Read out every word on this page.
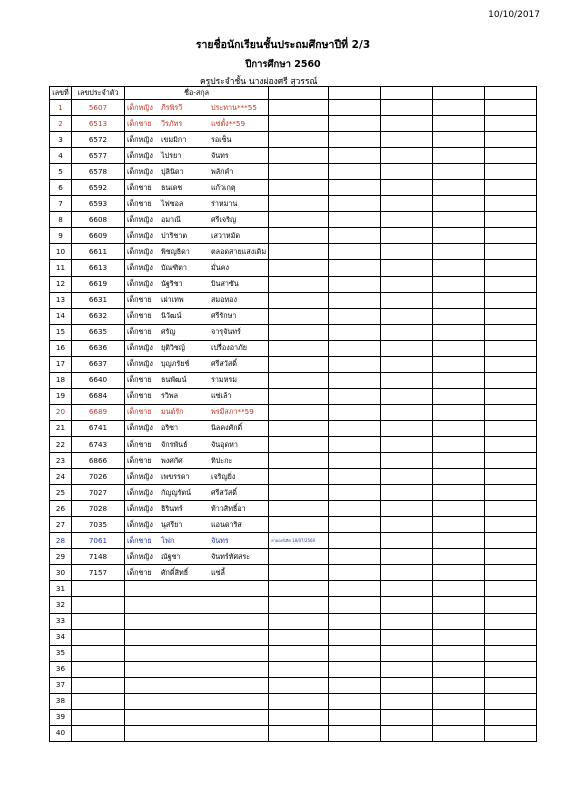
10/10/2017
รายชื่อนักเรียนชั้นประถมศึกษาปีที่ 2/3
ปีการศึกษา 2560
ครูประจำชั้น นางผ่องศรี สุวรรณ์
เลขที่	เลขประจำตัว	ชื่อ-สกุล					
1	5607	เด็กหญิง ภีรพิรวี ประทาน***55					
2	6513	เด็กชาย วีรภัทร แซ่ตั้ง**59					
3	6572	เด็กหญิง เขมมิกา รอเซ็น					
4	6577	เด็กหญิง ไปรยา จันทร					
5	6578	เด็กหญิง ปุลินิดา พลักคำ					
6	6592	เด็กชาย ธนเดช แก้วเกตุ					
7	6593	เด็กชาย ไฟซอล ร่าหมาน					
8	6608	เด็กหญิง อมาณี ศรีเจริญ					
9	6609	เด็กหญิง ปาริชาต เสวาหมัด					
10	6611	เด็กหญิง พิชญธิดา ตลอดสายแสงเดิม					
11	6613	เด็กหญิง บัณฑิตา มั่นคง					
12	6619	เด็กหญิง นัฐริชา บินสาซัน					
13	6631	เด็กชาย เผ่าเทพ สมอทอง					
14	6632	เด็กชาย นิวัฒน์ ศรีรักษา					
15	6635	เด็กชาย ศรัญ จารุจันทร์					
16	6636	เด็กหญิง ยุติวิชญ์ เปรื่องอาภัย					
17	6637	เด็กหญิง บุญภรัยช์ ศรีสวัสดิ์					
18	6640	เด็กชาย ธนพัฒน์ รามหรม					
19	6684	เด็กชาย รวิพล แซ่เล้า					
20	6689	เด็กชาย มนต์รัก พรมีสภา**59					
21	6741	เด็กหญิง อริชา นิลคงศักดิ์					
22	6743	เด็กชาย จักรพันธ์ จันอุดหา					
23	6866	เด็กชาย พงศกัศ ทิปะกะ					
24	7026	เด็กหญิง เพขรรดา เจริญยิ่ง					
25	7027	เด็กหญิง กัญญรัตน์ ศรีสวัสดิ์					
26	7028	เด็กหญิง ธิรินทร์ ท้าวสิทธิ์อา					
27	7035	เด็กหญิง นุสรียา แอนดาริส					
28	7061	เด็กชาย โฟก จันทร	ลาออกนิสิต 18/07/2560				
29	7148	เด็กหญิง ณัฐชา จันทร์ทัศสระ					
30	7157	เด็กชาย ศักดิ์สิทธิ์ แซ่ลี้					
31							
32							
33							
34							
35							
36							
37							
38							
39							
40							
